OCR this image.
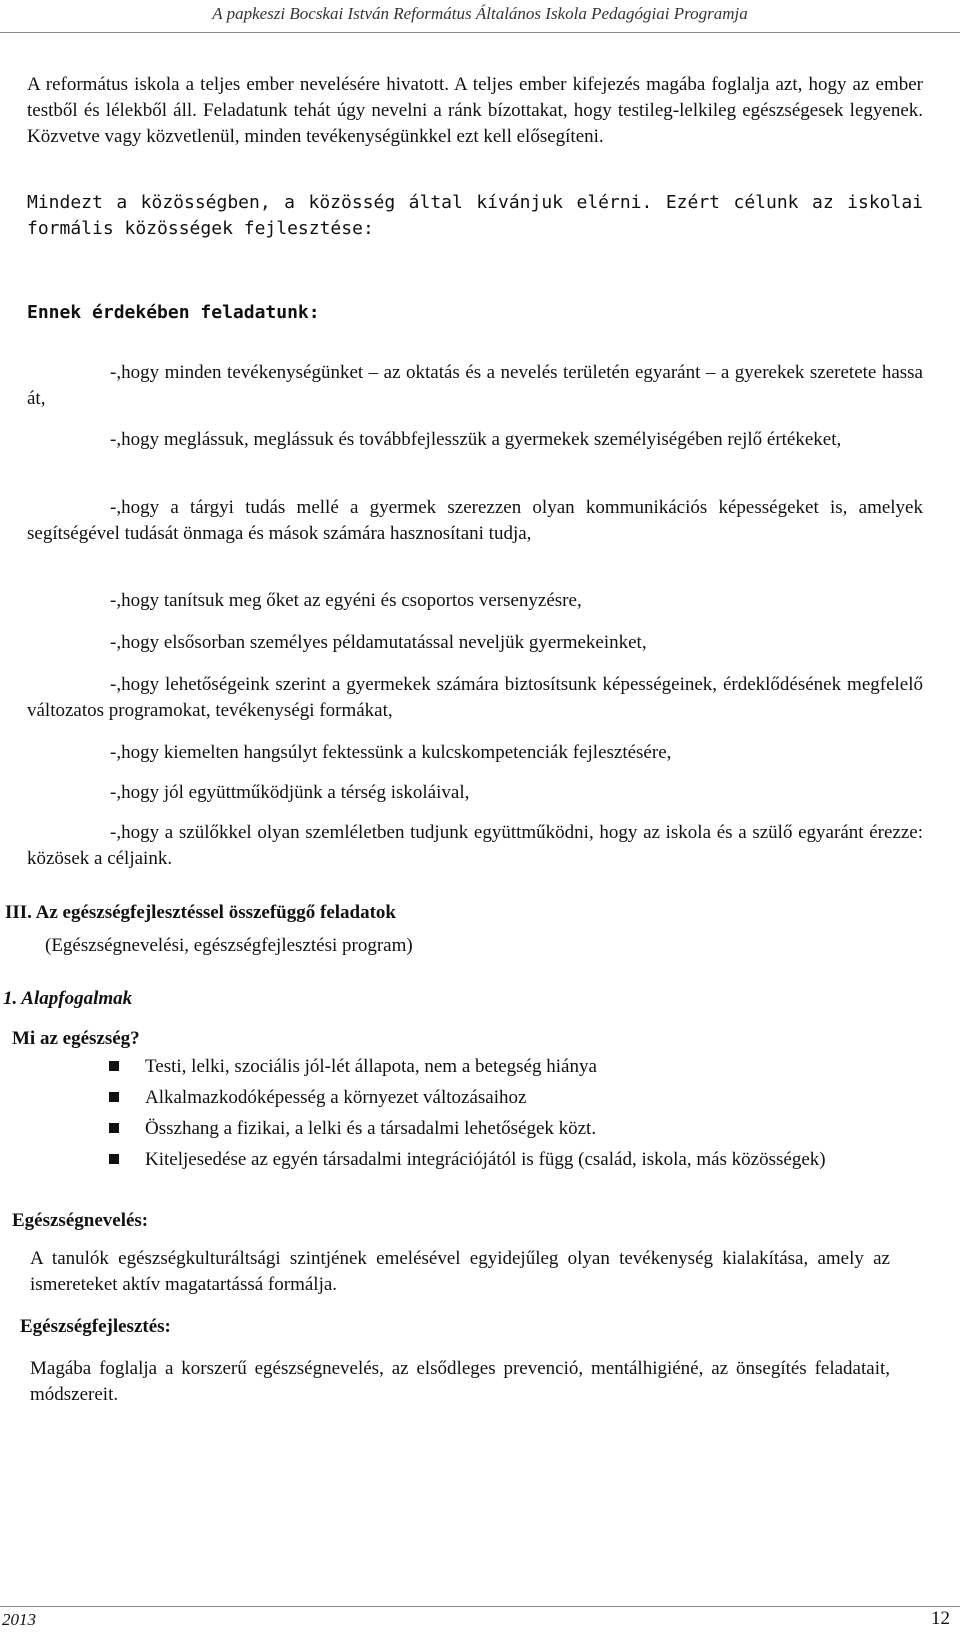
A papkeszi Bocskai István Református Általános Iskola Pedagógiai Programja

A református iskola a teljes ember nevelésére hivatott. A teljes ember kifejezés magába foglalja azt, hogy az ember testből és lélekből áll. Feladatunk tehát úgy nevelni a ránk bízottakat, hogy testileg-lelkileg egészségesek legyenek. Közvetve vagy közvetlenül, minden tevékenységünkkel ezt kell elősegíteni.

Mindezt a közösségben, a közösség által kívánjuk elérni. Ezért célunk az iskolai formális közösségek fejlesztése:

Ennek érdekében feladatunk:

-,hogy minden tevékenységünket – az oktatás és a nevelés területén egyaránt – a gyerekek szeretete hassa át,

-,hogy meglássuk, meglássuk és továbbfejlesszük a gyermekek személyiségében rejlő értékeket,

-,hogy a tárgyi tudás mellé a gyermek szerezzen olyan kommunikációs képességeket is, amelyek segítségével tudását önmaga és mások számára hasznosítani tudja,

-,hogy tanítsuk meg őket az egyéni és csoportos versenyzésre,

-,hogy elsősorban személyes példamutatással neveljük gyermekeinket,

-,hogy lehetőségeink szerint a gyermekek számára biztosítsunk képességeinek, érdeklődésének megfelelő változatos programokat, tevékenységi formákat,

-,hogy kiemelten hangsúlyt fektessünk a kulcskompetenciák fejlesztésére,

-,hogy jól együttműködjünk a térség iskoláival,

-,hogy a szülőkkel olyan szemléletben tudjunk együttműködni, hogy az iskola és a szülő egyaránt érezze: közösek a céljaink.

III. Az egészségfejlesztéssel összefüggő feladatok

(Egészségnevelési, egészségfejlesztési program)

1. Alapfogalmak

Mi az egészség?

Testi, lelki, szociális jól-lét állapota, nem a betegség hiánya
Alkalmazkodóképesség a környezet változásaihoz
Összhang a fizikai, a lelki és a társadalmi lehetőségek közt.
Kiteljesedése az egyén társadalmi integrációjától is függ (család, iskola, más közösségek)

Egészségnevelés:

A tanulók egészségkulturáltsági szintjének emelésével egyidejűleg olyan tevékenység kialakítása, amely az ismereteket aktív magatartássá formálja.

Egészségfejlesztés:

Magába foglalja a korszerű egészségnevelés, az elsődleges prevenció, mentálhigiéné, az önsegítés feladatait, módszereit.

2013	12
